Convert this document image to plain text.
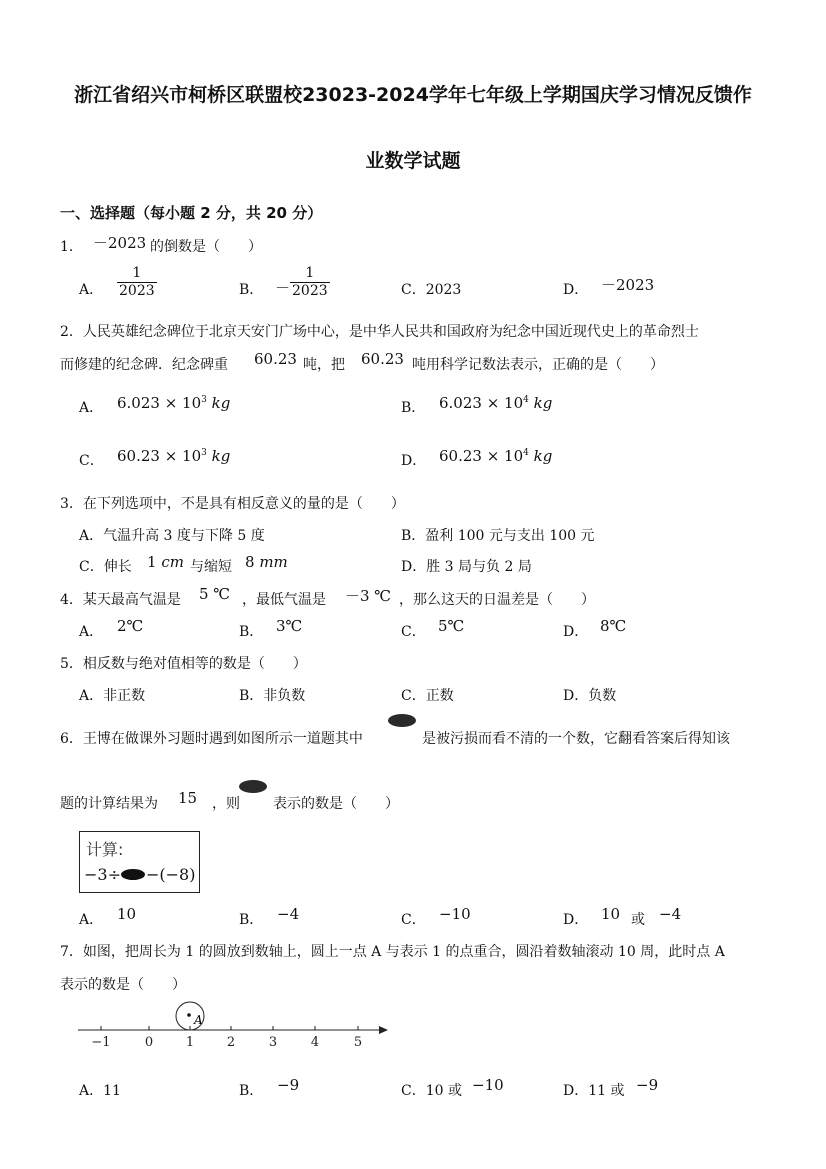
浙江省绍兴市柯桥区联盟校23023-2024学年七年级上学期国庆学习情况反馈作
业数学试题
一、选择题（每小题 2 分，共 20 分）
1． －2023 的倒数是（　　）
A． $\frac{1}{2023}$	B． － $\frac{1}{2023}$	C．2023	D． －2023
2．人民英雄纪念碑位于北京天安门广场中心，是中华人民共和国政府为纪念中国近现代史上的革命烈士
而修建的纪念碑．纪念碑重 60.23 吨，把 60.23 吨用科学记数法表示，正确的是（　　）
A． $6.023 \times 10^3$ kg	B． $6.023 \times 10^4$ kg
C． $60.23 \times 10^3$ kg	D． $60.23 \times 10^4$ kg
3．在下列选项中，不是具有相反意义的量的是（　　）
A．气温升高 3 度与下降 5 度	B．盈利 100 元与支出 100 元
C．伸长 1 cm 与缩短 8 mm	D．胜 3 局与负 2 局
4．某天最高气温是 5 ℃ ，最低气温是 －3 ℃ ，那么这天的日温差是（　　）
A． 2℃	B． 3℃	C． 5℃	D． 8℃
5．相反数与绝对值相等的数是（　　）
A．非正数	B．非负数	C．正数	D．负数
6．王博在做课外习题时遇到如图所示一道题其中	是被污损而看不清的一个数，它翻看答案后得知该
题的计算结果为 15 ，则 表示的数是（　　）
计算:
−3÷ −(−8)
A． 10	B． −4	C． −10	D． 10 或 −4
7．如图，把周长为 1 的圆放到数轴上，圆上一点 A 与表示 1 的点重合，圆沿着数轴滚动 10 周，此时点 A
表示的数是（　　）
A
−1	0	1	2	3	4	5
A．11	B． −9	C．10 或 −10	D．11 或 −9
